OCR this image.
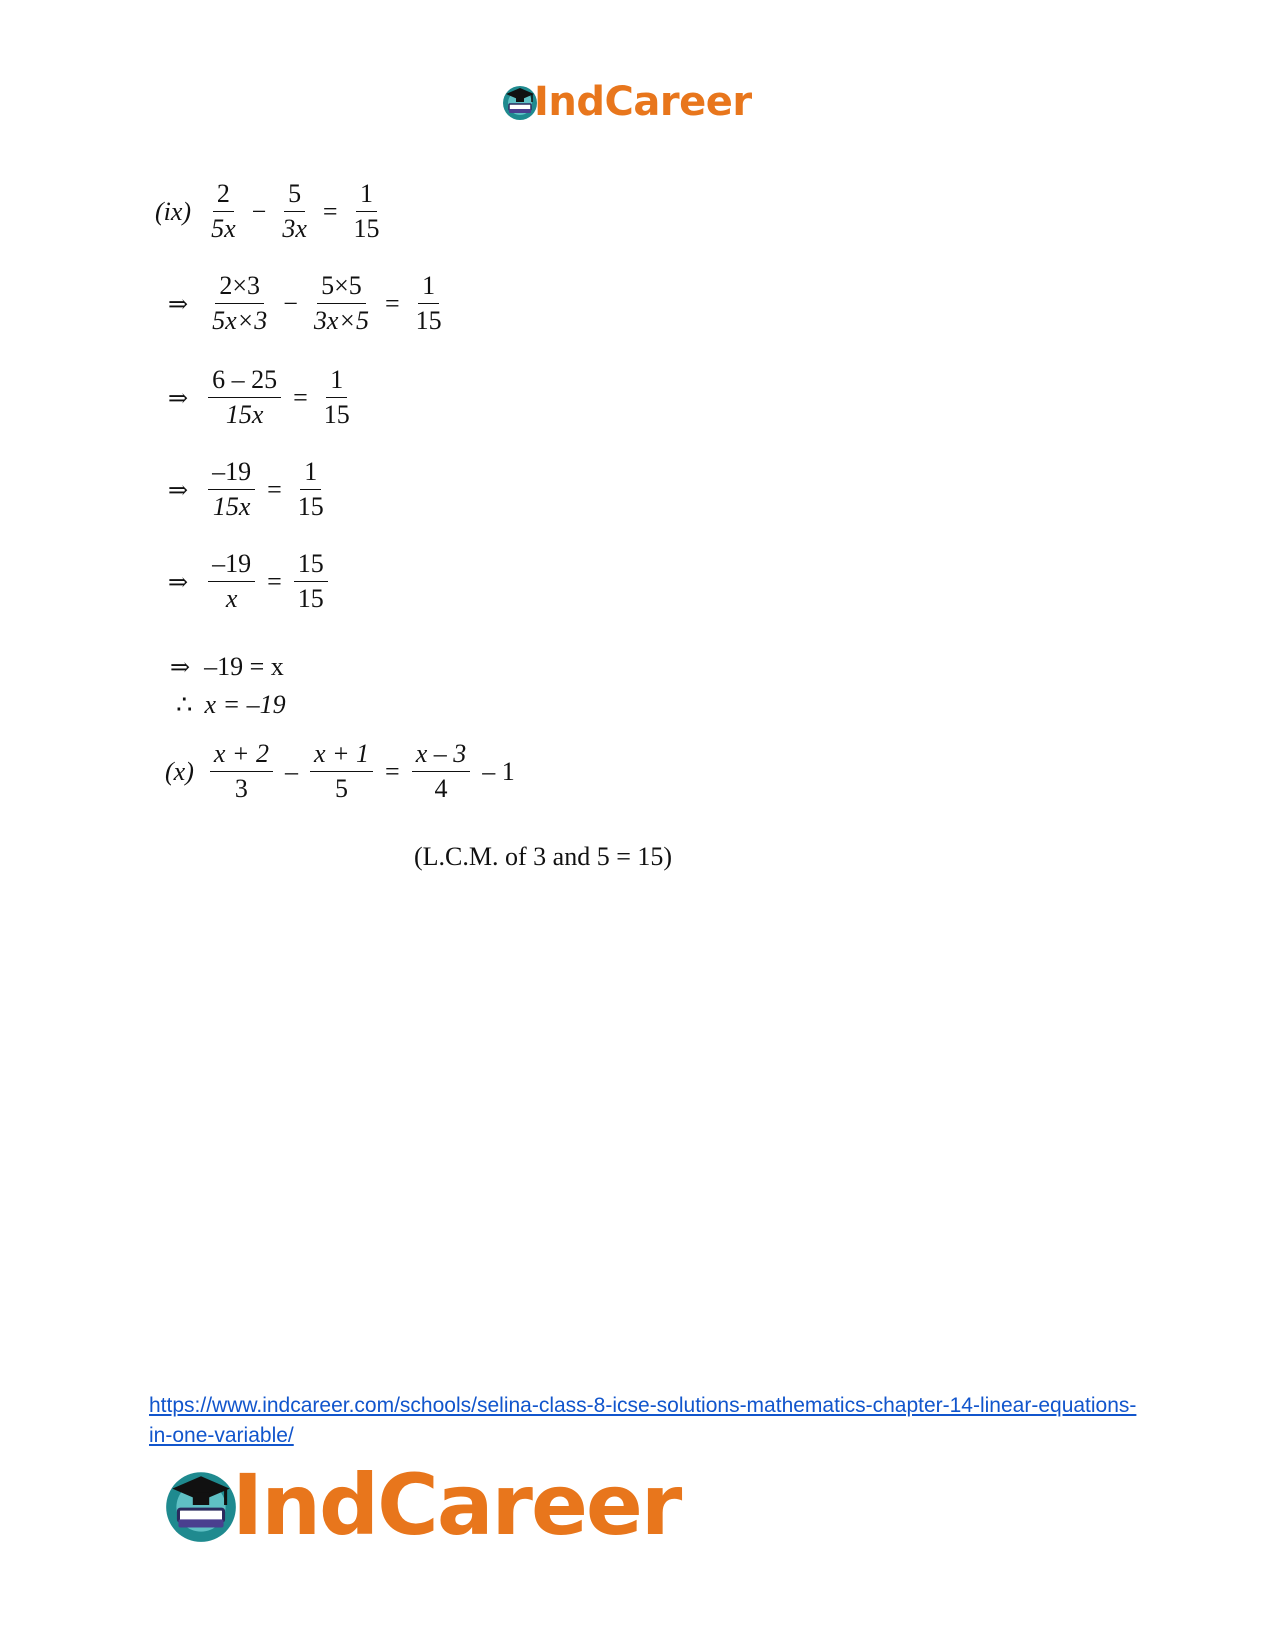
IndCareer
$(ix) \frac{2}{5x} - \frac{5}{3x} = \frac{1}{15}$
⇒ $\frac{2\times 3}{5x\times 3} - \frac{5\times 5}{3x\times 5} = \frac{1}{15}$
⇒ $\frac{6 - 25}{15x} = \frac{1}{15}$
⇒ $\frac{-19}{15x} = \frac{1}{15}$
⇒ $\frac{-19}{x} = \frac{15}{15}$
⇒ –19 = x
∴ x = –19
$(x) \frac{x + 2}{3} - \frac{x + 1}{5} = \frac{x - 3}{4} - 1$
(L.C.M. of 3 and 5 = 15)
https://www.indcareer.com/schools/selina-class-8-icse-solutions-mathematics-chapter-14-linear-equations-in-one-variable/
IndCareer
